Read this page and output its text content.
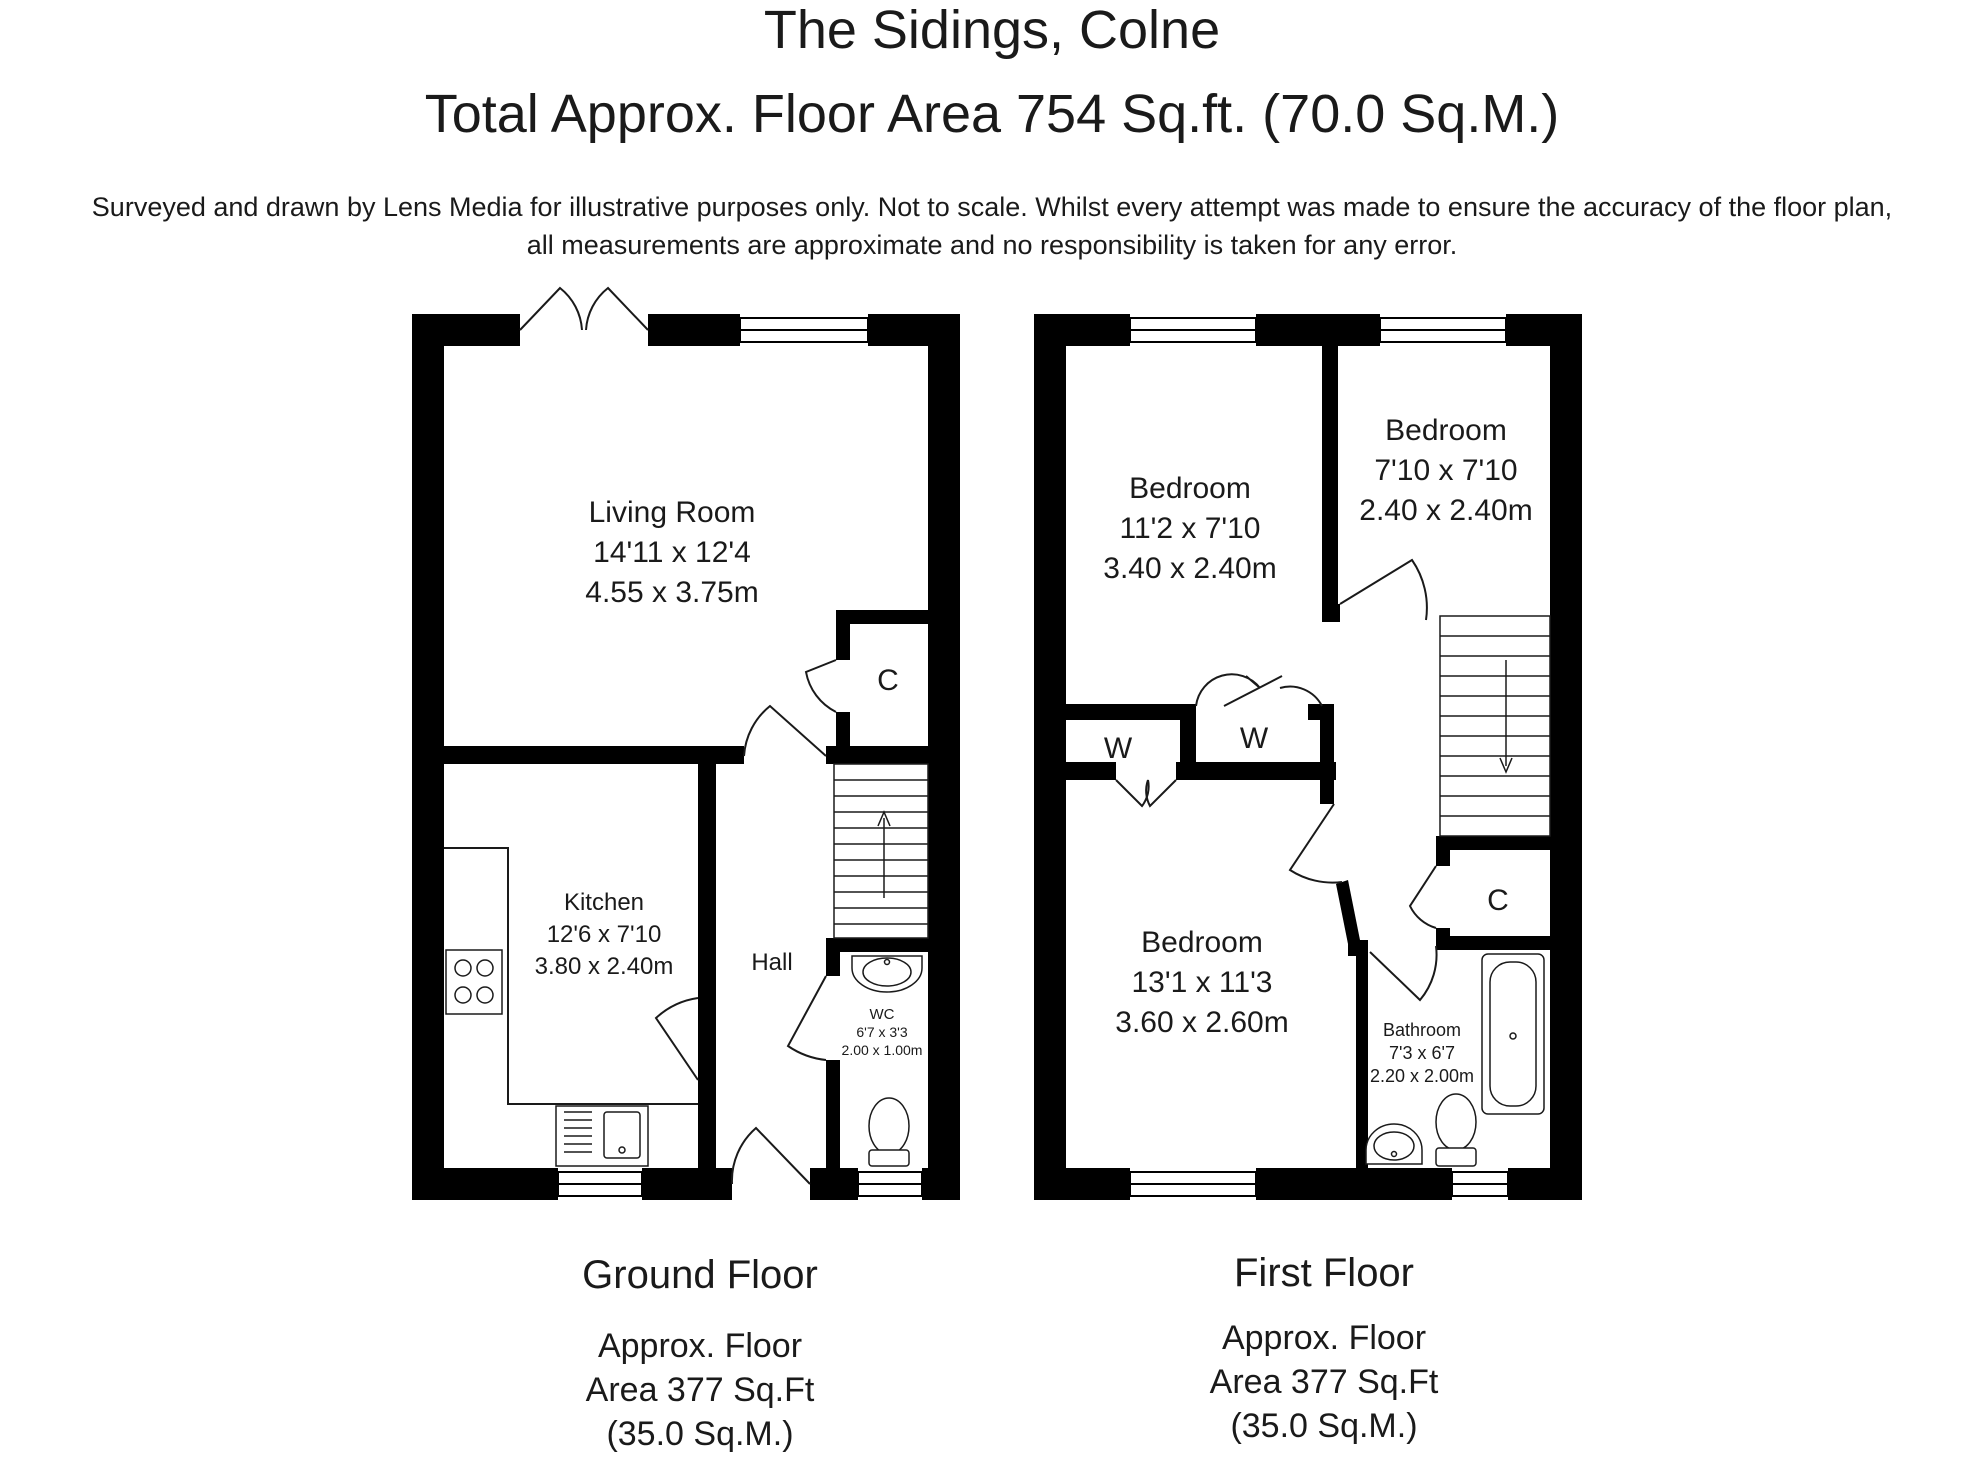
The Sidings, Colne
Total Approx. Floor Area 754 Sq.ft. (70.0 Sq.M.)
Surveyed and drawn by Lens Media for illustrative purposes only. Not to scale. Whilst every attempt was made to ensure the accuracy of the floor plan,
all measurements are approximate and no responsibility is taken for any error.
Living Room
14'11 x 12'4
4.55 x 3.75m
Kitchen
12'6 x 7'10
3.80 x 2.40m	Hall
C
WC
6'7 x 3'3
2.00 x 1.00m
Bedroom
11'2 x 7'10
3.40 x 2.40m
Bedroom
7'10 x 7'10
2.40 x 2.40m
Bedroom
13'1 x 11'3
3.60 x 2.60m
W	W
C
Bathroom
7'3 x 6'7
2.20 x 2.00m
Ground Floor
Approx. Floor
Area 377 Sq.Ft
(35.0 Sq.M.)
First Floor
Approx. Floor
Area 377 Sq.Ft
(35.0 Sq.M.)
